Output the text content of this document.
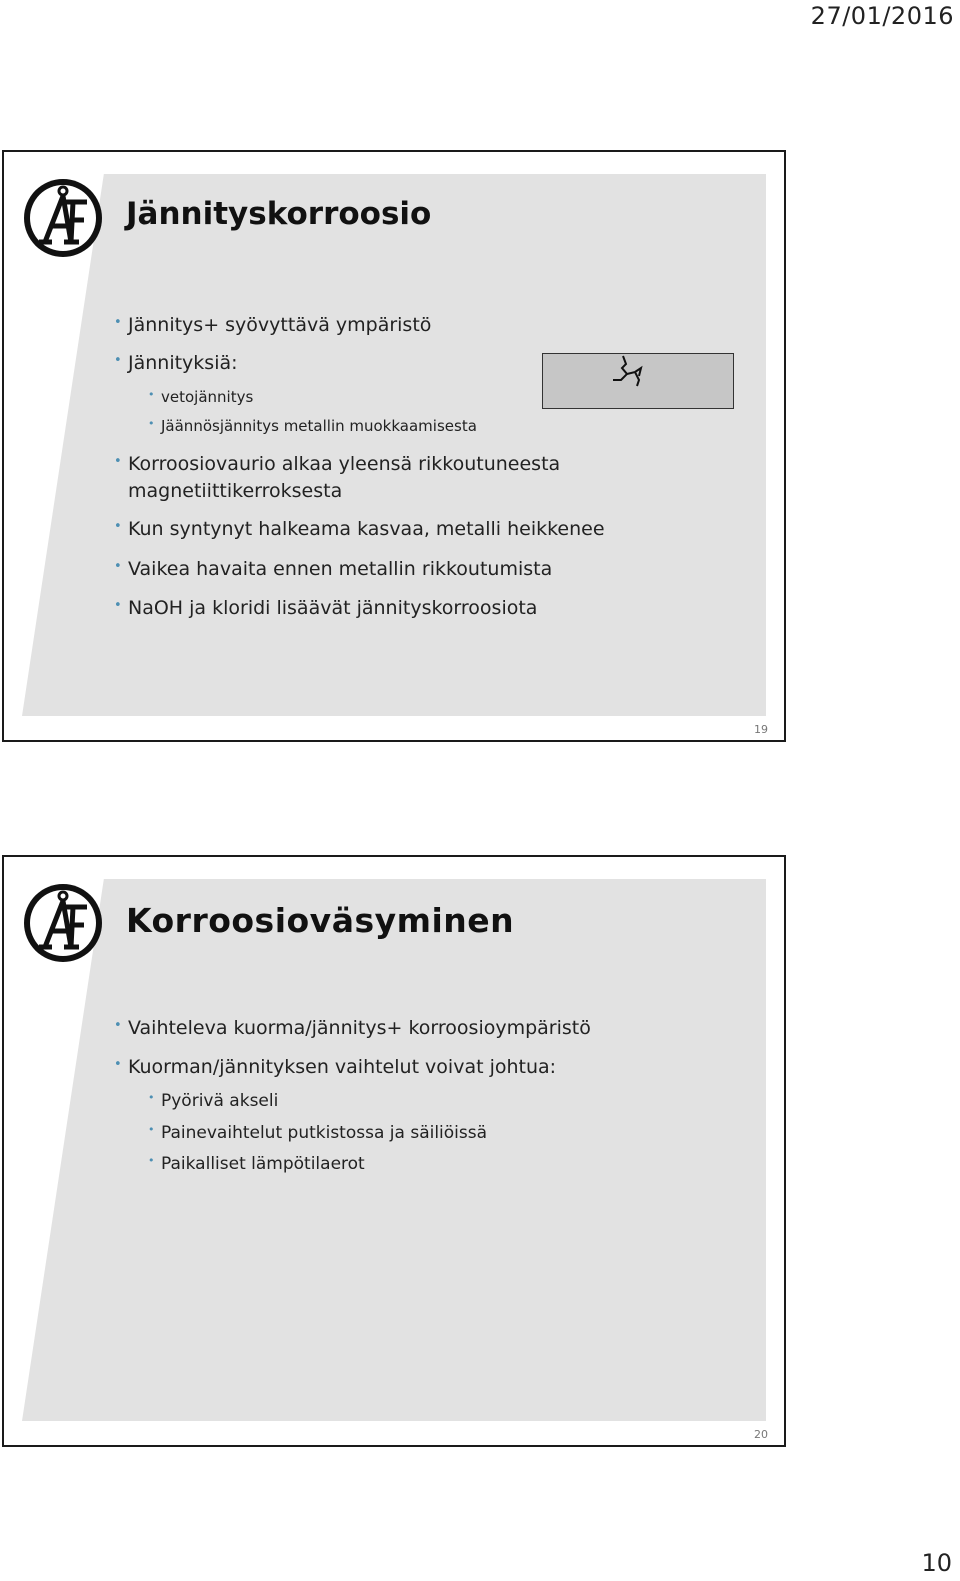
27/01/2016
Jännityskorroosio
• Jännitys+ syövyttävä ympäristö
• Jännityksiä:
• vetojännitys
• Jäännösjännitys metallin muokkaamisesta
• Korroosiovaurio alkaa yleensä rikkoutuneesta
magnetiittikerroksesta
• Kun syntynyt halkeama kasvaa, metalli heikkenee
• Vaikea havaita ennen metallin rikkoutumista
• NaOH ja kloridi lisäävät jännityskorroosiota
19
Korroosioväsyminen
• Vaihteleva kuorma/jännitys+ korroosioympäristö
• Kuorman/jännityksen vaihtelut voivat johtua:
• Pyörivä akseli
• Painevaihtelut putkistossa ja säiliöissä
• Paikalliset lämpötilaerot
20
10
